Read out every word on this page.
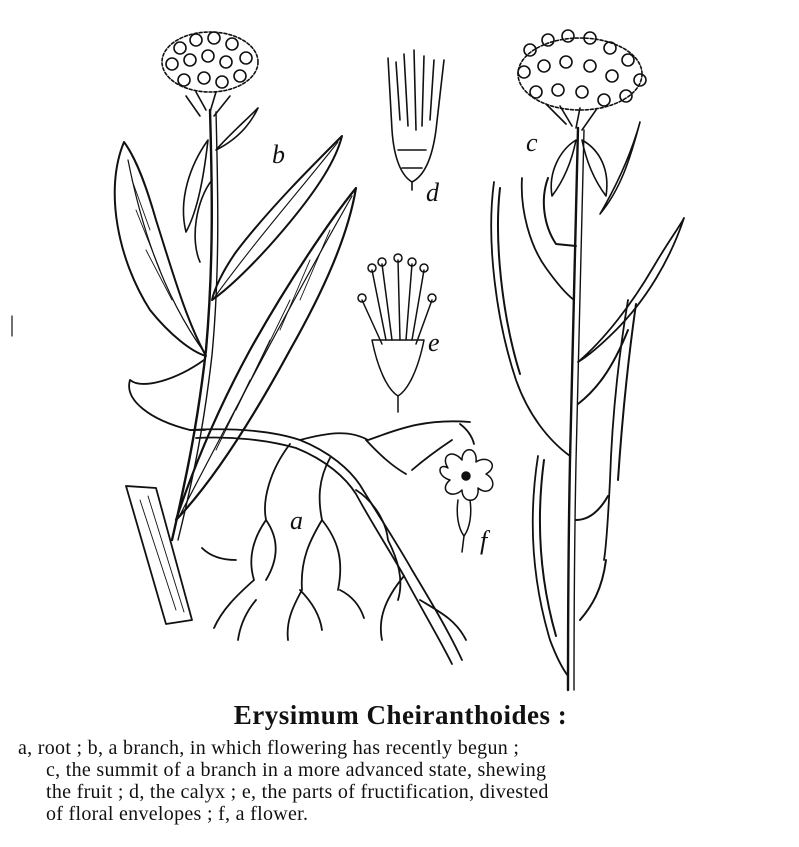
a
b	c
d
e
f
Erysimum Cheiranthoides :

a, root ; b, a branch, in which flowering has recently begun ;
c, the summit of a branch in a more advanced state, shewing
the fruit ; d, the calyx ; e, the parts of fructification, divested
of floral envelopes ; f, a flower.
